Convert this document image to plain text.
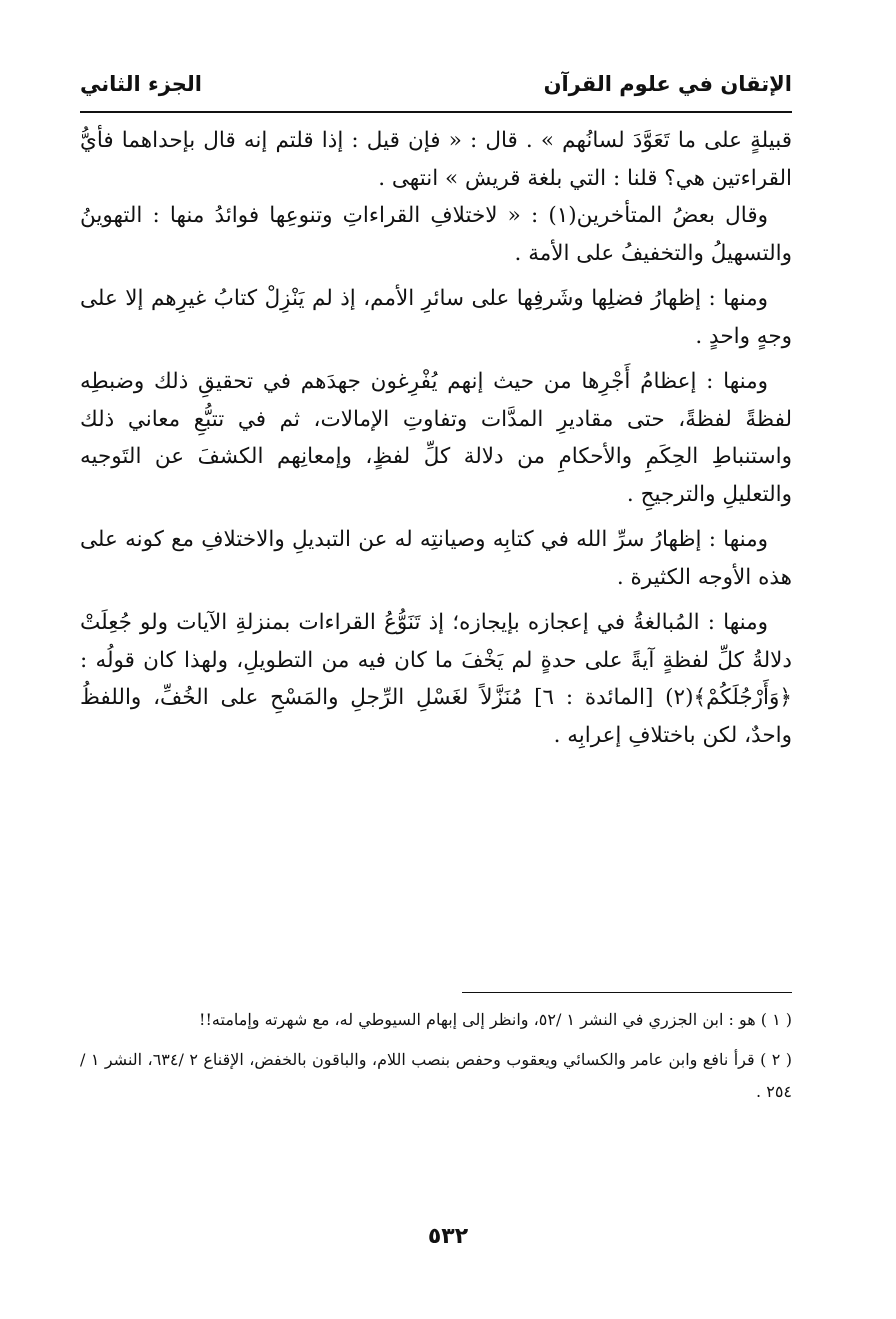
الإتقان في علوم القرآن
الجزء الثاني

قبيلةٍ على ما تَعَوَّدَ لسانُهم » . قال : « فإن قيل : إذا قلتم إنه قال بإحداهما فأيُّ القراءتين هي؟ قلنا : التي بلغة قريش » انتهى .

وقال بعضُ المتأخرين(١) : « لاختلافِ القراءاتِ وتنوعِها فوائدُ منها : التهوينُ والتسهيلُ والتخفيفُ على الأمة .

ومنها : إظهارُ فضلِها وشَرفِها على سائرِ الأمم، إذ لم يَنْزِلْ كتابُ غيرِهم إلا على وجهٍ واحدٍ .

ومنها : إعظامُ أَجْرِها من حيث إنهم يُفْرِغون جهدَهم في تحقيقِ ذلك وضبطِه لفظةً لفظةً، حتى مقاديرِ المدَّات وتفاوتِ الإمالات، ثم في تتبُّعِ معاني ذلك واستنباطِ الحِكَمِ والأحكامِ من دلالة كلِّ لفظٍ، وإمعانِهم الكشفَ عن التَوجيه والتعليلِ والترجيحِ .

ومنها : إظهارُ سرِّ الله في كتابِه وصيانتِه له عن التبديلِ والاختلافِ مع كونه على هذه الأوجه الكثيرة .

ومنها : المُبالغةُ في إعجازه بإيجازه؛ إذ تَنَوُّعُ القراءات بمنزلةِ الآيات ولو جُعِلَتْ دلالةُ كلِّ لفظةٍ آيةً على حدةٍ لم يَخْفَ ما كان فيه من التطويلِ، ولهذا كان قولُه : ﴿وَأَرْجُلَكُمْ﴾(٢) [المائدة : ٦] مُنَزَّلاً لغَسْلِ الرِّجلِ والمَسْحِ على الخُفِّ، واللفظُ واحدٌ، لكن باختلافِ إعرابِه .

( ١ ) هو : ابن الجزري في النشر ١ /٥٢، وانظر إلى إبهام السيوطي له، مع شهرته وإمامته!!

( ٢ ) قرأ نافع وابن عامر والكسائي ويعقوب وحفص بنصب اللام، والباقون بالخفض، الإقناع ٢ /٦٣٤، النشر ١ /٢٥٤ .

٥٣٢
